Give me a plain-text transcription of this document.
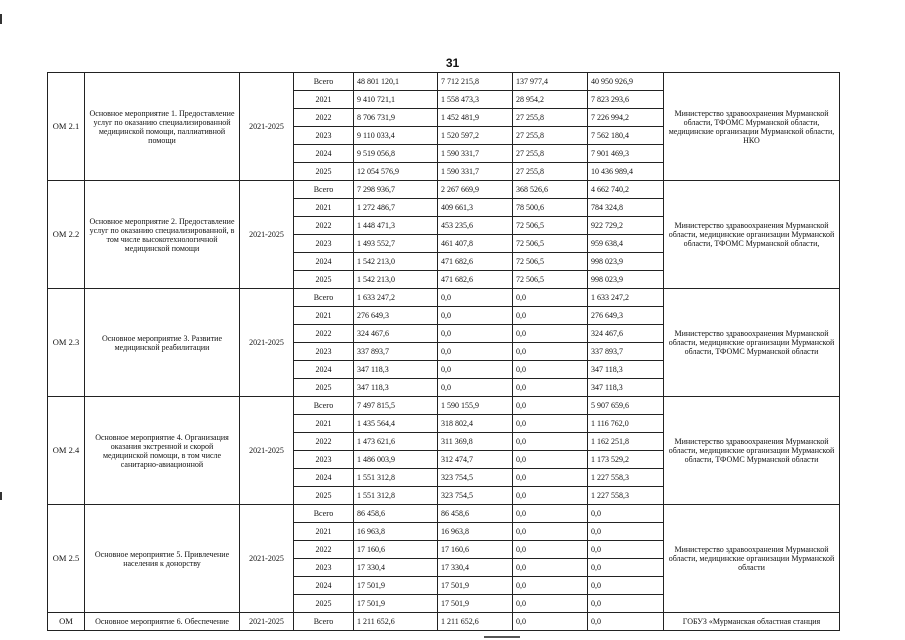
31
ОМ 2.1	Основное мероприятие 1. Предоставление услуг по оказанию специализированной медицинской помощи, паллиативной помощи	2021-2025	Всего	48 801 120,1	7 712 215,8	137 977,4	40 950 926,9	Министерство здравоохранения Мурманской области, ТФОМС Мурманской области, медицинские организации Мурманской области, НКО
			2021	9 410 721,1	1 558 473,3	28 954,2	7 823 293,6	
			2022	8 706 731,9	1 452 481,9	27 255,8	7 226 994,2	
			2023	9 110 033,4	1 520 597,2	27 255,8	7 562 180,4	
			2024	9 519 056,8	1 590 331,7	27 255,8	7 901 469,3	
			2025	12 054 576,9	1 590 331,7	27 255,8	10 436 989,4	
ОМ 2.2	Основное мероприятие 2. Предоставление услуг по оказанию специализированной, в том числе высокотехнологичной медицинской помощи	2021-2025	Всего	7 298 936,7	2 267 669,9	368 526,6	4 662 740,2	Министерство здравоохранения Мурманской области, медицинские организации Мурманской области, ТФОМС Мурманской области,
			2021	1 272 486,7	409 661,3	78 500,6	784 324,8	
			2022	1 448 471,3	453 235,6	72 506,5	922 729,2	
			2023	1 493 552,7	461 407,8	72 506,5	959 638,4	
			2024	1 542 213,0	471 682,6	72 506,5	998 023,9	
			2025	1 542 213,0	471 682,6	72 506,5	998 023,9	
ОМ 2.3	Основное мероприятие 3. Развитие медицинской реабилитации	2021-2025	Всего	1 633 247,2	0,0	0,0	1 633 247,2	Министерство здравоохранения Мурманской области, медицинские организации Мурманской области, ТФОМС Мурманской области
			2021	276 649,3	0,0	0,0	276 649,3	
			2022	324 467,6	0,0	0,0	324 467,6	
			2023	337 893,7	0,0	0,0	337 893,7	
			2024	347 118,3	0,0	0,0	347 118,3	
			2025	347 118,3	0,0	0,0	347 118,3	
ОМ 2.4	Основное мероприятие 4. Организация оказания экстренной и скорой медицинской помощи, в том числе санитарно-авиационной	2021-2025	Всего	7 497 815,5	1 590 155,9	0,0	5 907 659,6	Министерство здравоохранения Мурманской области, медицинские организации Мурманской области, ТФОМС Мурманской области
			2021	1 435 564,4	318 802,4	0,0	1 116 762,0	
			2022	1 473 621,6	311 369,8	0,0	1 162 251,8	
			2023	1 486 003,9	312 474,7	0,0	1 173 529,2	
			2024	1 551 312,8	323 754,5	0,0	1 227 558,3	
			2025	1 551 312,8	323 754,5	0,0	1 227 558,3	
ОМ 2.5	Основное мероприятие 5. Привлечение населения к донорству	2021-2025	Всего	86 458,6	86 458,6	0,0	0,0	Министерство здравоохранения Мурманской области, медицинские организации Мурманской области
			2021	16 963,8	16 963,8	0,0	0,0	
			2022	17 160,6	17 160,6	0,0	0,0	
			2023	17 330,4	17 330,4	0,0	0,0	
			2024	17 501,9	17 501,9	0,0	0,0	
			2025	17 501,9	17 501,9	0,0	0,0	
ОМ	Основное мероприятие 6. Обеспечение	2021-2025	Всего	1 211 652,6	1 211 652,6	0,0	0,0	ГОБУЗ «Мурманская областная станция
